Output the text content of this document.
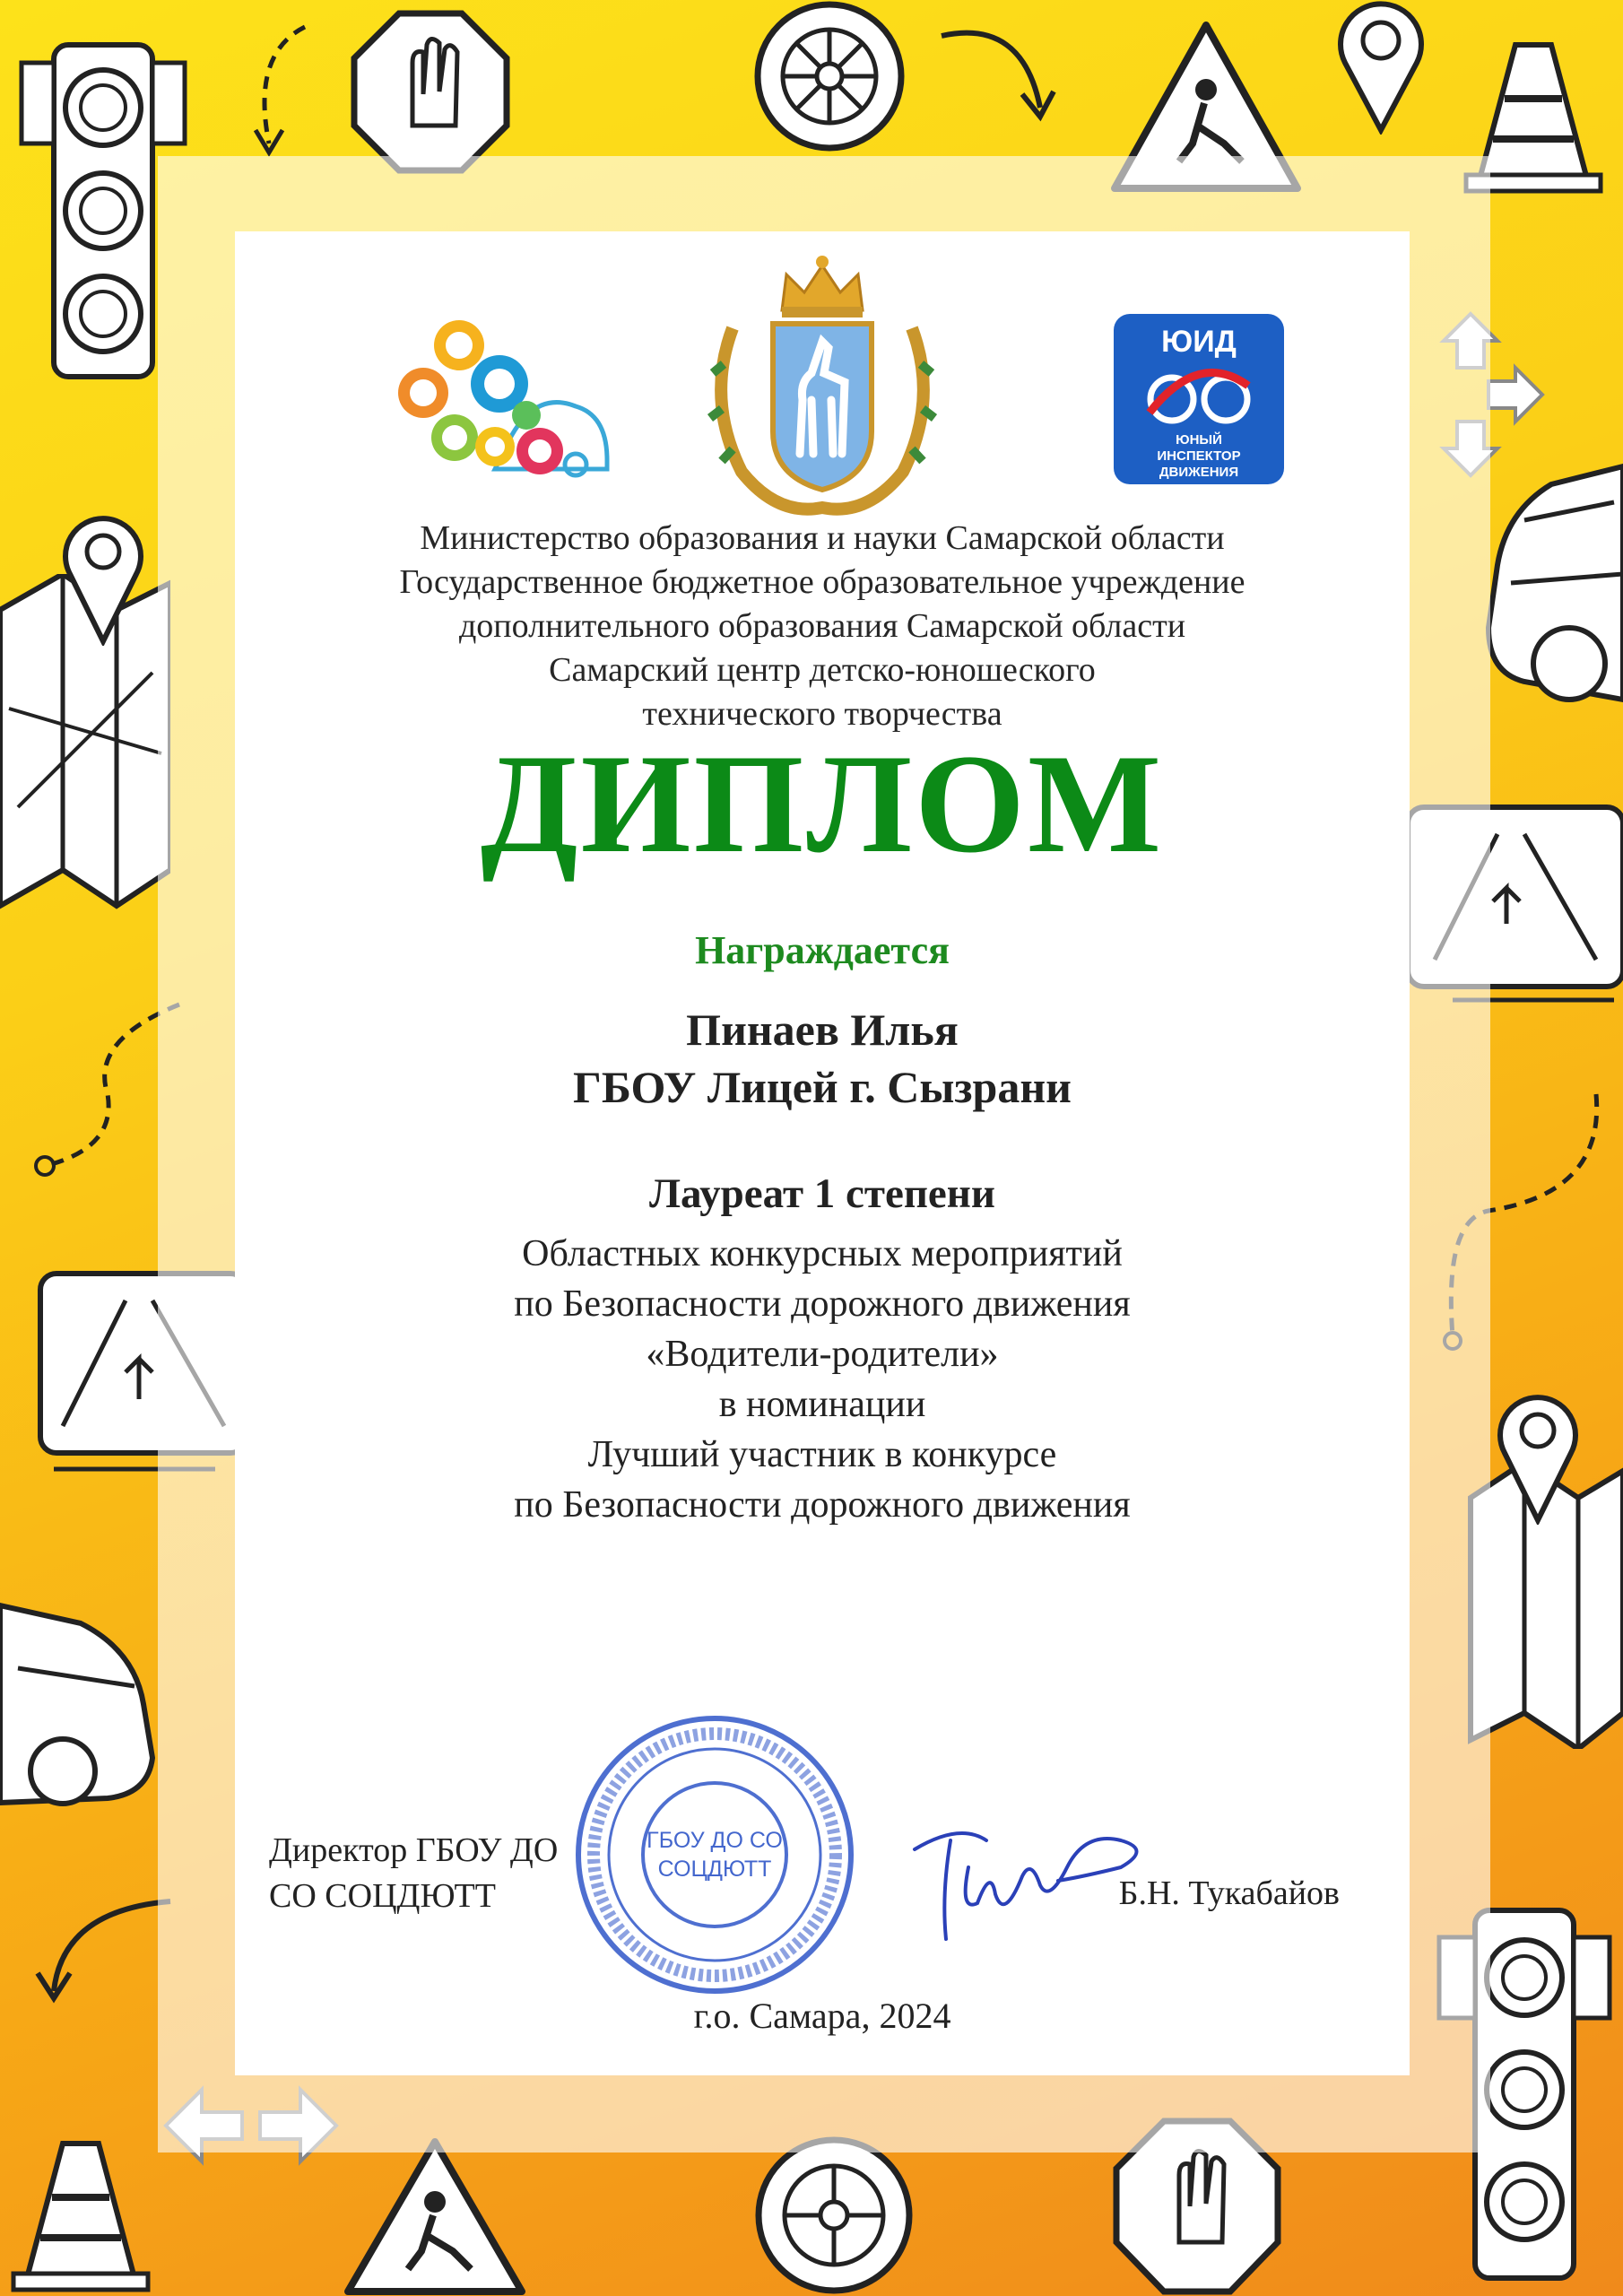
ЮИД
ЮНЫЙ
ИНСПЕКТОР
ДВИЖЕНИЯ
Министерство образования и науки Самарской области
Государственное бюджетное образовательное учреждение
дополнительного образования Самарской области
Самарский центр детско-юношеского
технического творчества
ДИПЛОМ
Награждается
Пинаев Илья
ГБОУ Лицей г. Сызрани
Лауреат 1 степени
Областных конкурсных мероприятий
по Безопасности дорожного движения
«Водители-родители»
в номинации
Лучший участник в конкурсе
по Безопасности дорожного движения
Директор ГБОУ ДО
СО СОЦДЮТТ
ГБОУ ДО СО
СОЦДЮТТ
Б.Н. Тукабайов
г.о. Самара, 2024
